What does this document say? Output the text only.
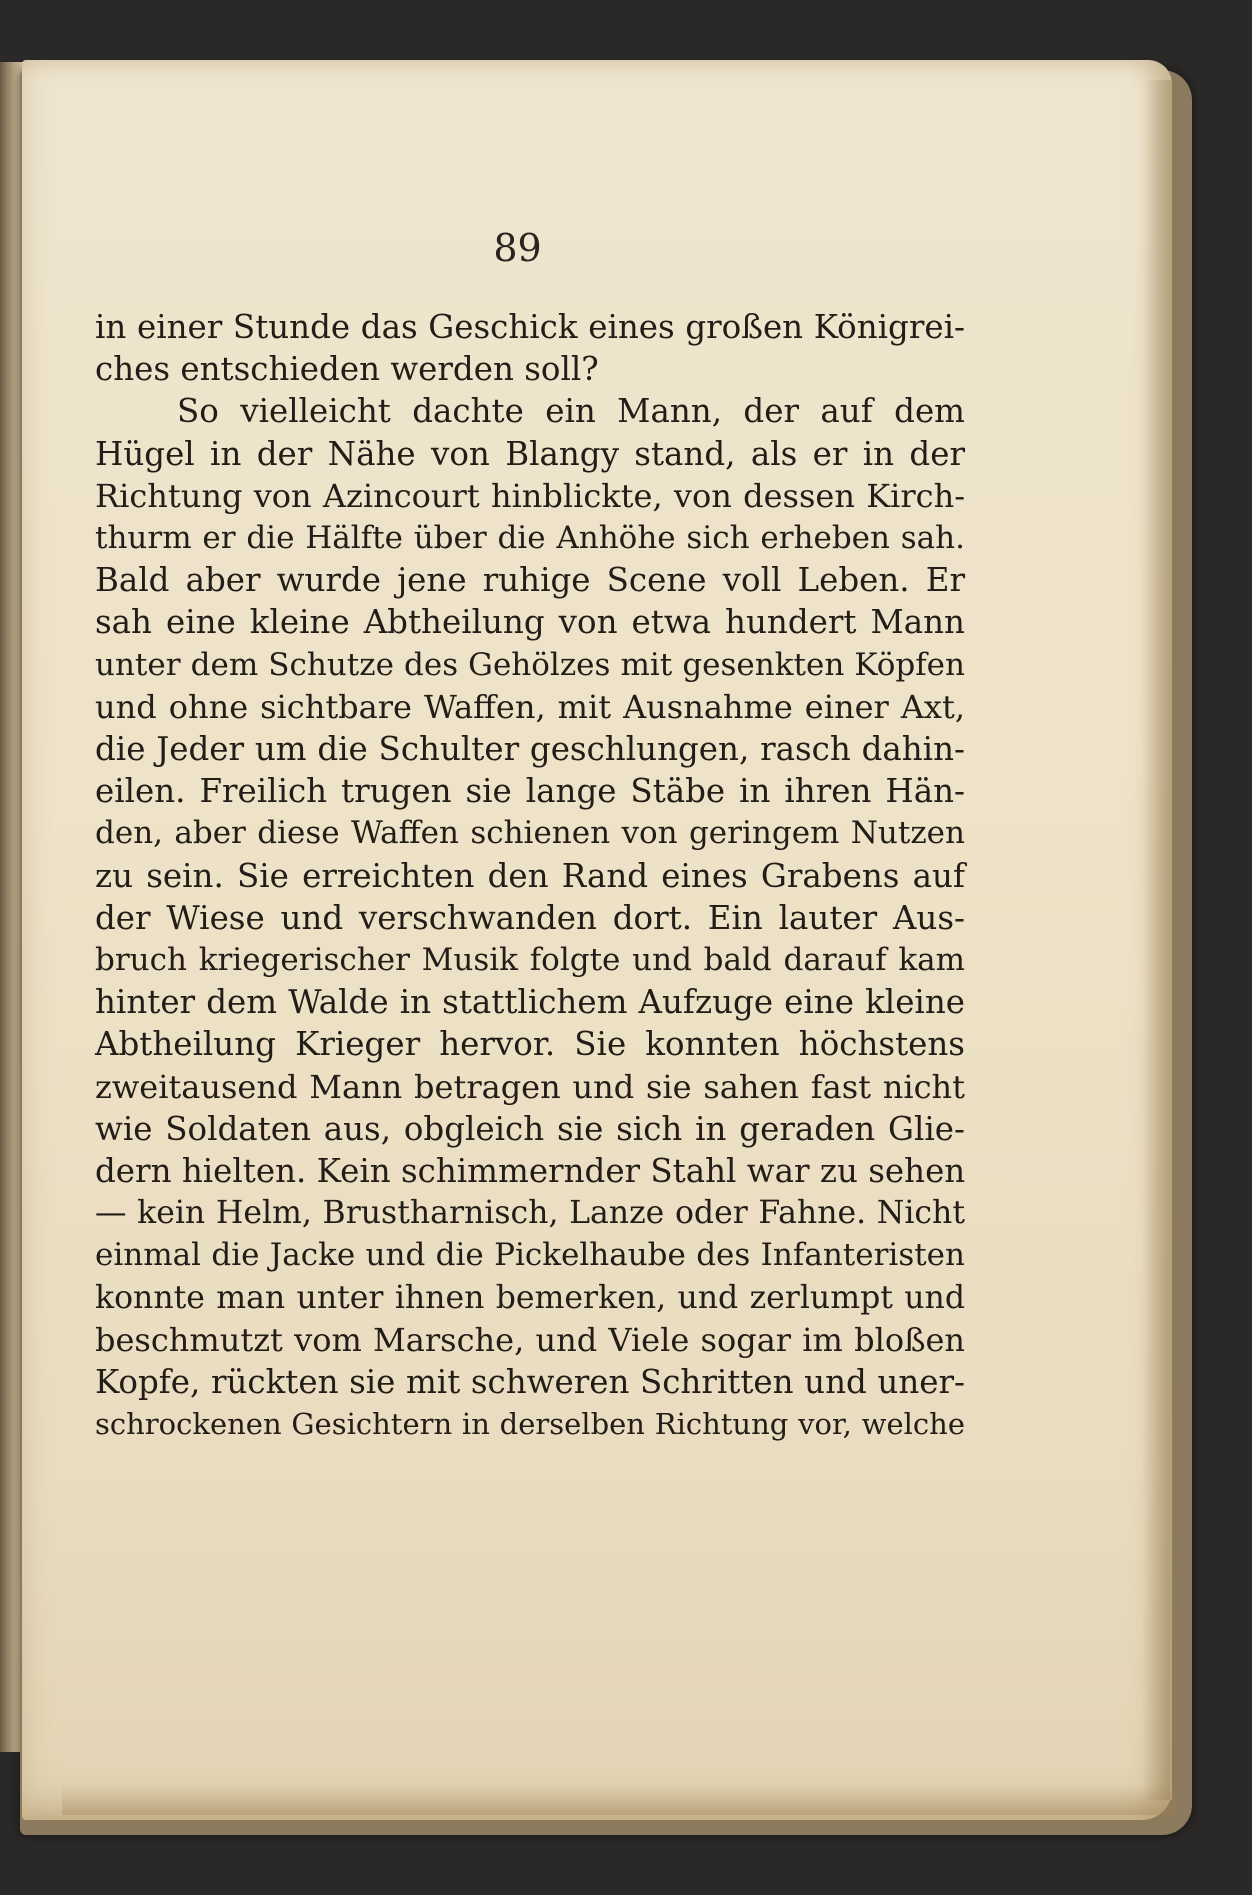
89
in einer Stunde das Geschick eines großen Königrei-
ches entschieden werden soll?
So vielleicht dachte ein Mann, der auf dem
Hügel in der Nähe von Blangy stand, als er in der
Richtung von Azincourt hinblickte, von dessen Kirch-
thurm er die Hälfte über die Anhöhe sich erheben sah.
Bald aber wurde jene ruhige Scene voll Leben. Er
sah eine kleine Abtheilung von etwa hundert Mann
unter dem Schutze des Gehölzes mit gesenkten Köpfen
und ohne sichtbare Waffen, mit Ausnahme einer Axt,
die Jeder um die Schulter geschlungen, rasch dahin-
eilen. Freilich trugen sie lange Stäbe in ihren Hän-
den, aber diese Waffen schienen von geringem Nutzen
zu sein. Sie erreichten den Rand eines Grabens auf
der Wiese und verschwanden dort. Ein lauter Aus-
bruch kriegerischer Musik folgte und bald darauf kam
hinter dem Walde in stattlichem Aufzuge eine kleine
Abtheilung Krieger hervor. Sie konnten höchstens
zweitausend Mann betragen und sie sahen fast nicht
wie Soldaten aus, obgleich sie sich in geraden Glie-
dern hielten. Kein schimmernder Stahl war zu sehen
— kein Helm, Brustharnisch, Lanze oder Fahne. Nicht
einmal die Jacke und die Pickelhaube des Infanteristen
konnte man unter ihnen bemerken, und zerlumpt und
beschmutzt vom Marsche, und Viele sogar im bloßen
Kopfe, rückten sie mit schweren Schritten und uner-
schrockenen Gesichtern in derselben Richtung vor, welche
